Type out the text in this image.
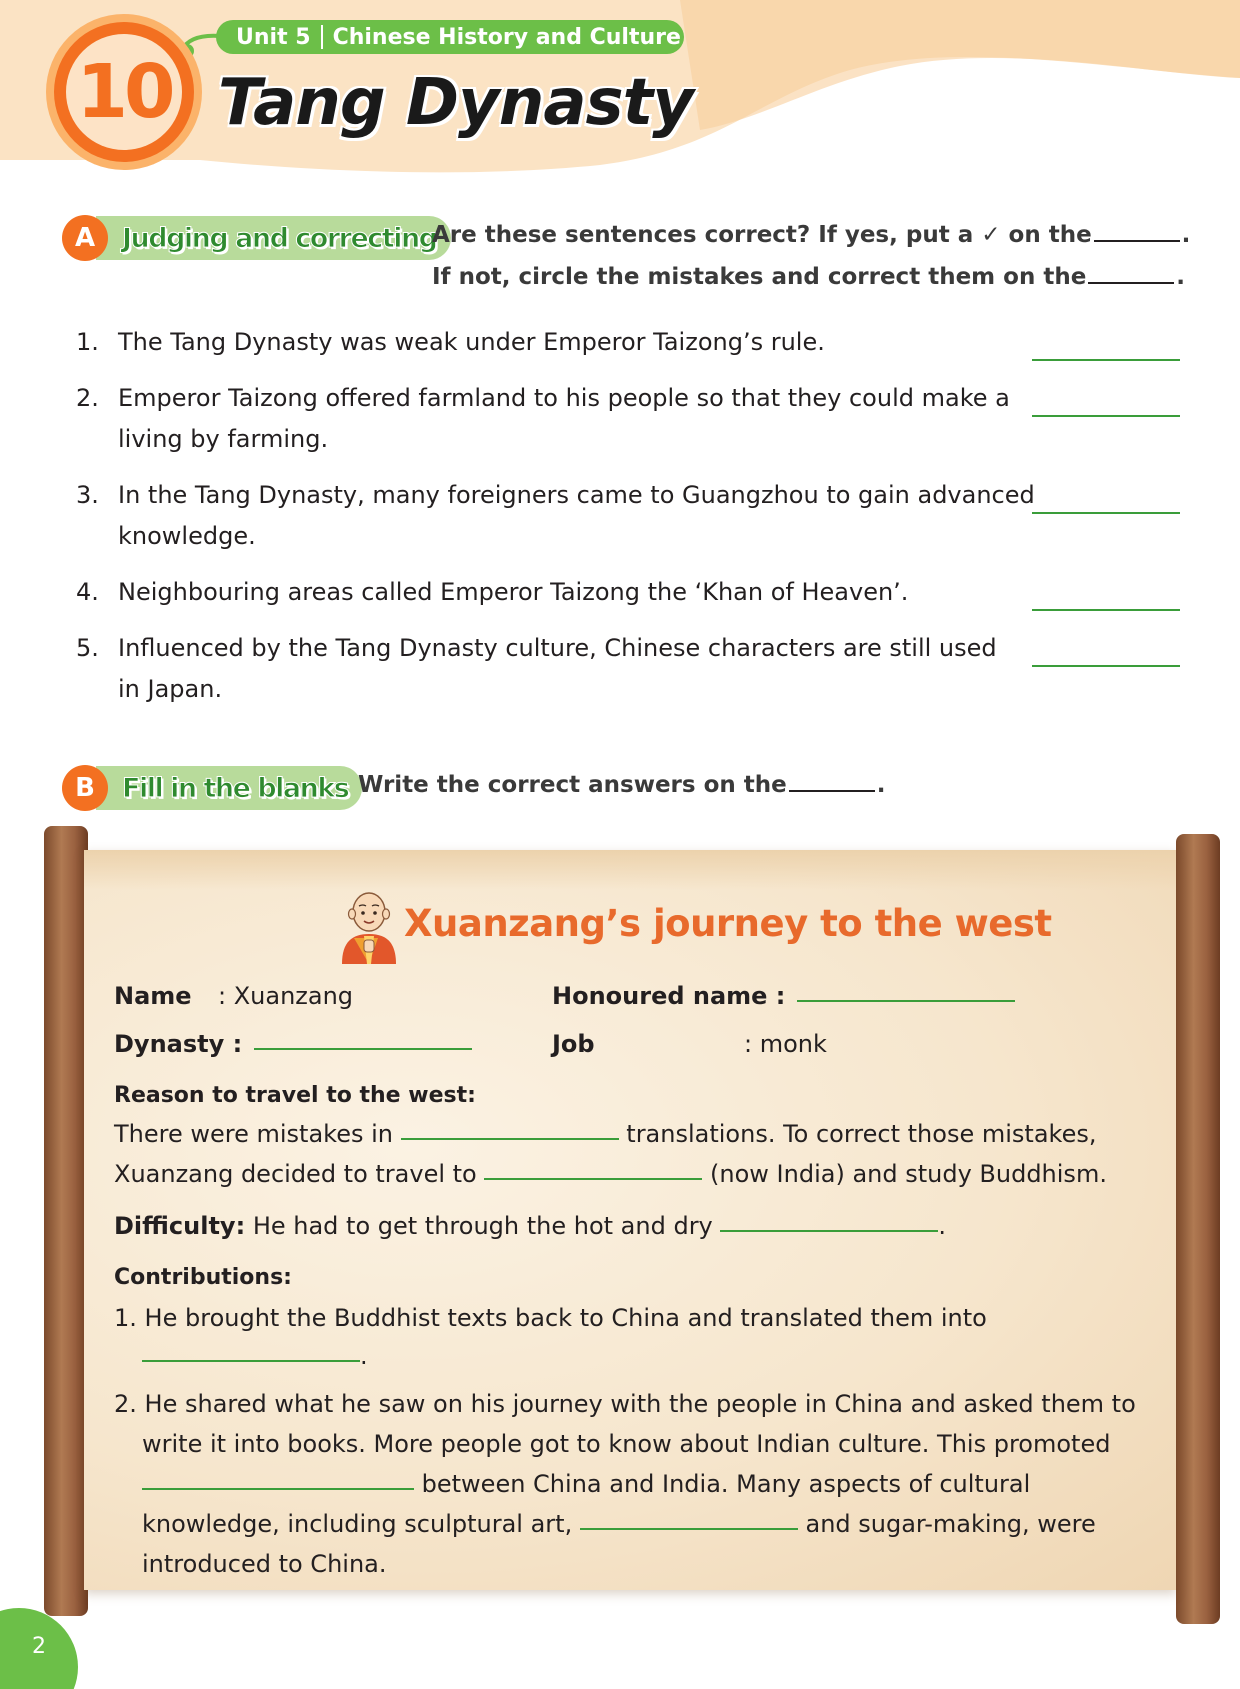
10
Unit 5	Chinese History and Culture
Tang Dynasty
A Judging and correcting
Are these sentences correct? If yes, put a ✓ on the	.
If not, circle the mistakes and correct them on the	.
1. The Tang Dynasty was weak under Emperor Taizong’s rule.
2. Emperor Taizong offered farmland to his people so that they could make a living by farming.
3. In the Tang Dynasty, many foreigners came to Guangzhou to gain advanced knowledge.
4. Neighbouring areas called Emperor Taizong the ‘Khan of Heaven’.
5. Influenced by the Tang Dynasty culture, Chinese characters are still used in Japan.
B	Fill in the blanks Write the correct answers on the	.
Xuanzang’s journey to the west
Name : Xuanzang	Honoured name :
Dynasty :	Job	: monk
Reason to travel to the west:
There were mistakes in	translations. To correct those mistakes,
Xuanzang decided to travel to	(now India) and study Buddhism.
Difficulty: He had to get through the hot and dry	.
Contributions:
1. He brought the Buddhist texts back to China and translated them into
.
2. He shared what he saw on his journey with the people in China and asked them to
write it into books. More people got to know about Indian culture. This promoted
between China and India. Many aspects of cultural
knowledge, including sculptural art,	and sugar-making, were
introduced to China.
2
